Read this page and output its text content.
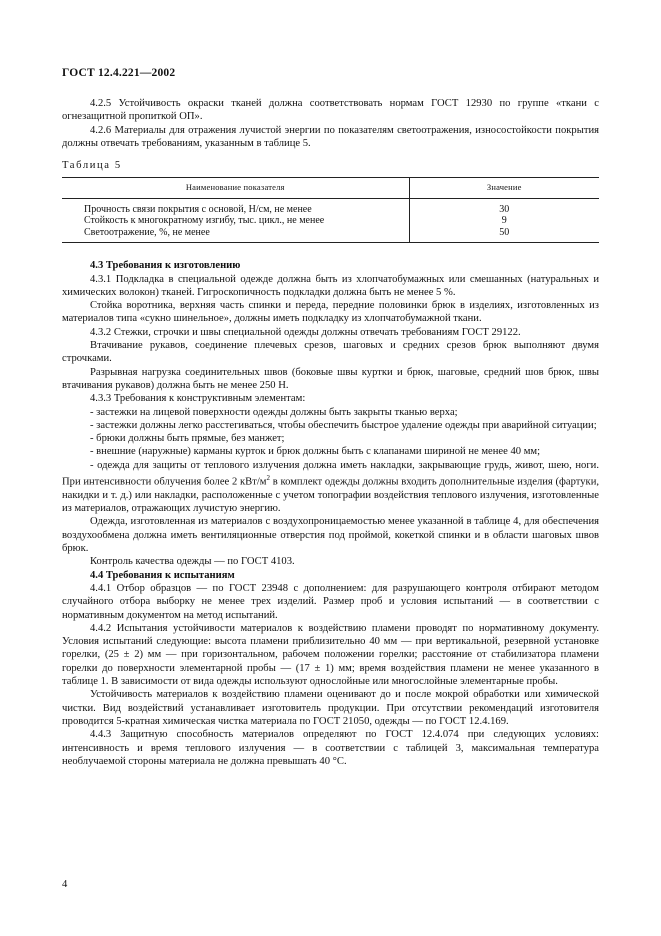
ГОСТ 12.4.221—2002

4.2.5 Устойчивость окраски тканей должна соответствовать нормам ГОСТ 12930 по группе «ткани с огнезащитной пропиткой ОП».

4.2.6 Материалы для отражения лучистой энергии по показателям светоотражения, износостойкости покрытия должны отвечать требованиям, указанным в таблице 5.

Таблица 5

Наименование показателя	Значение
Прочность связи покрытия с основой, Н/см, не менее	30
Стойкость к многократному изгибу, тыс. цикл., не менее	9
Светоотражение, %, не менее	50

4.3 Требования к изготовлению

4.3.1 Подкладка в специальной одежде должна быть из хлопчатобумажных или смешанных (натуральных и химических волокон) тканей. Гигроскопичность подкладки должна быть не менее 5 %.

Стойка воротника, верхняя часть спинки и переда, передние половинки брюк в изделиях, изготовленных из материалов типа «сукно шинельное», должны иметь подкладку из хлопчатобумажной ткани.

4.3.2 Стежки, строчки и швы специальной одежды должны отвечать требованиям ГОСТ 29122.

Втачивание рукавов, соединение плечевых срезов, шаговых и средних срезов брюк выполняют двумя строчками.

Разрывная нагрузка соединительных швов (боковые швы куртки и брюк, шаговые, средний шов брюк, швы втачивания рукавов) должна быть не менее 250 Н.

4.3.3 Требования к конструктивным элементам:

- застежки на лицевой поверхности одежды должны быть закрыты тканью верха;

- застежки должны легко расстегиваться, чтобы обеспечить быстрое удаление одежды при аварийной ситуации;

- брюки должны быть прямые, без манжет;

- внешние (наружные) карманы курток и брюк должны быть с клапанами шириной не менее 40 мм;

- одежда для защиты от теплового излучения должна иметь накладки, закрывающие грудь, живот, шею, ноги. При интенсивности облучения более 2 кВт/$м^2$ в комплект одежды должны входить дополнительные изделия (фартуки, накидки и т. д.) или накладки, расположенные с учетом топографии воздействия теплового излучения, изготовленные из материалов, отражающих лучистую энергию.

Одежда, изготовленная из материалов с воздухопроницаемостью менее указанной в таблице 4, для обеспечения воздухообмена должна иметь вентиляционные отверстия под проймой, кокеткой спинки и в области шаговых швов брюк.

Контроль качества одежды — по ГОСТ 4103.

4.4 Требования к испытаниям

4.4.1 Отбор образцов — по ГОСТ 23948 с дополнением: для разрушающего контроля отбирают методом случайного отбора выборку не менее трех изделий. Размер проб и условия испытаний — в соответствии с нормативным документом на метод испытаний.

4.4.2 Испытания устойчивости материалов к воздействию пламени проводят по нормативному документу. Условия испытаний следующие: высота пламени приблизительно 40 мм — при вертикальной, резервной установке горелки, (25 ± 2) мм — при горизонтальном, рабочем положении горелки; расстояние от стабилизатора пламени горелки до поверхности элементарной пробы — (17 ± 1) мм; время воздействия пламени не менее указанного в таблице 1. В зависимости от вида одежды используют однослойные или многослойные элементарные пробы.

Устойчивость материалов к воздействию пламени оценивают до и после мокрой обработки или химической чистки. Вид воздействий устанавливает изготовитель продукции. При отсутствии рекомендаций изготовителя проводится 5-кратная химическая чистка материала по ГОСТ 21050, одежды — по ГОСТ 12.4.169.

4.4.3 Защитную способность материалов определяют по ГОСТ 12.4.074 при следующих условиях: интенсивность и время теплового излучения — в соответствии с таблицей 3, максимальная температура необлучаемой стороны материала не должна превышать 40 °С.

4
